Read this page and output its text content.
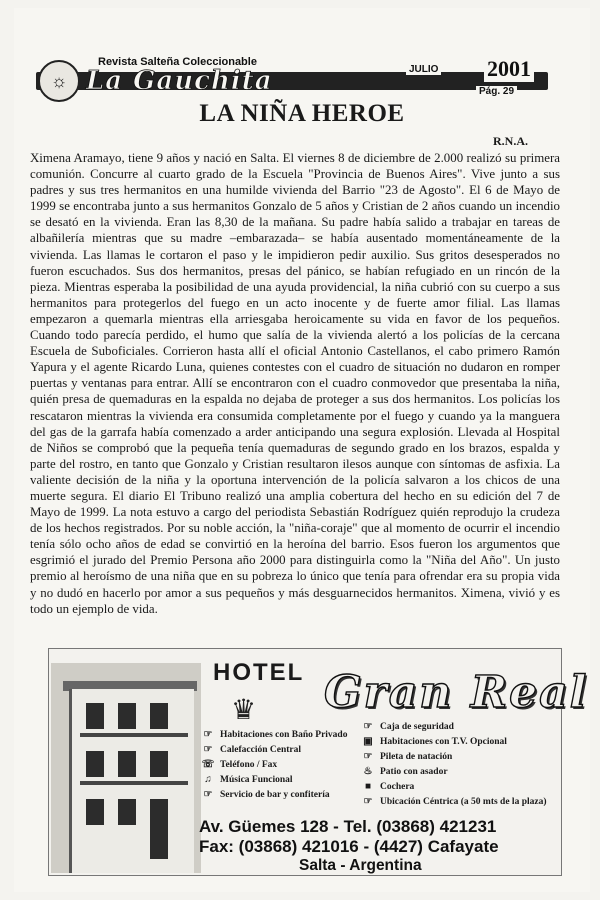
☼
Revista Salteña Coleccionable
La Gauchita	JULIO 2001
Pág. 29
LA NIÑA HEROE
R.N.A.

Ximena Aramayo, tiene 9 años y nació en Salta. El viernes 8 de diciembre de 2.000 realizó su primera comunión. Concurre al cuarto grado de la Escuela "Provincia de Buenos Aires". Vive junto a sus padres y sus tres hermanitos en una humilde vivienda del Barrio "23 de Agosto". El 6 de Mayo de 1999 se encontraba junto a sus hermanitos Gonzalo de 5 años y Cristian de 2 años cuando un incendio se desató en la vivienda. Eran las 8,30 de la mañana. Su padre había salido a trabajar en tareas de albañilería mientras que su madre –embarazada– se había ausentado momentáneamente de la vivienda. Las llamas le cortaron el paso y le impidieron pedir auxilio. Sus gritos desesperados no fueron escuchados. Sus dos hermanitos, presas del pánico, se habían refugiado en un rincón de la pieza. Mientras esperaba la posibilidad de una ayuda providencial, la niña cubrió con su cuerpo a sus hermanitos para protegerlos del fuego en un acto inocente y de fuerte amor filial. Las llamas empezaron a quemarla mientras ella arriesgaba heroicamente su vida en favor de los pequeños. Cuando todo parecía perdido, el humo que salía de la vivienda alertó a los policías de la cercana Escuela de Suboficiales. Corrieron hasta allí el oficial Antonio Castellanos, el cabo primero Ramón Yapura y el agente Ricardo Luna, quienes contestes con el cuadro de situación no dudaron en romper puertas y ventanas para entrar. Allí se encontraron con el cuadro conmovedor que presentaba la niña, quién presa de quemaduras en la espalda no dejaba de proteger a sus dos hermanitos. Los policías los rescataron mientras la vivienda era consumida completamente por el fuego y cuando ya la manguera del gas de la garrafa había comenzado a arder anticipando una segura explosión. Llevada al Hospital de Niños se comprobó que la pequeña tenía quemaduras de segundo grado en los brazos, espalda y parte del rostro, en tanto que Gonzalo y Cristian resultaron ilesos aunque con síntomas de asfixia. La valiente decisión de la niña y la oportuna intervención de la policía salvaron a los chicos de una muerte segura. El diario El Tribuno realizó una amplia cobertura del hecho en su edición del 7 de Mayo de 1999. La nota estuvo a cargo del periodista Sebastián Rodríguez quién reprodujo la crudeza de los hechos registrados. Por su noble acción, la "niña-coraje" que al momento de ocurrir el incendio tenía sólo ocho años de edad se convirtió en la heroína del barrio. Esos fueron los argumentos que esgrimió el jurado del Premio Persona año 2000 para distinguirla como la "Niña del Año". Un justo premio al heroísmo de una niña que en su pobreza lo único que tenía para ofrendar era su propia vida y no dudó en hacerlo por amor a sus pequeños y más desguarnecidos hermanitos. Ximena, vivió y es todo un ejemplo de vida.

HOTEL
♛ Gran Real
☞ Habitaciones con Baño Privado
☞ Calefacción Central
☏ Teléfono / Fax
♫ Música Funcional
☞ Servicio de bar y confitería
☞ Caja de seguridad
▣ Habitaciones con T.V. Opcional
☞ Pileta de natación
♨ Patio con asador
■ Cochera
☞ Ubicación Céntrica (a 50 mts de la plaza)
Av. Güemes 128 - Tel. (03868) 421231
Fax: (03868) 421016 - (4427) Cafayate
Salta - Argentina
